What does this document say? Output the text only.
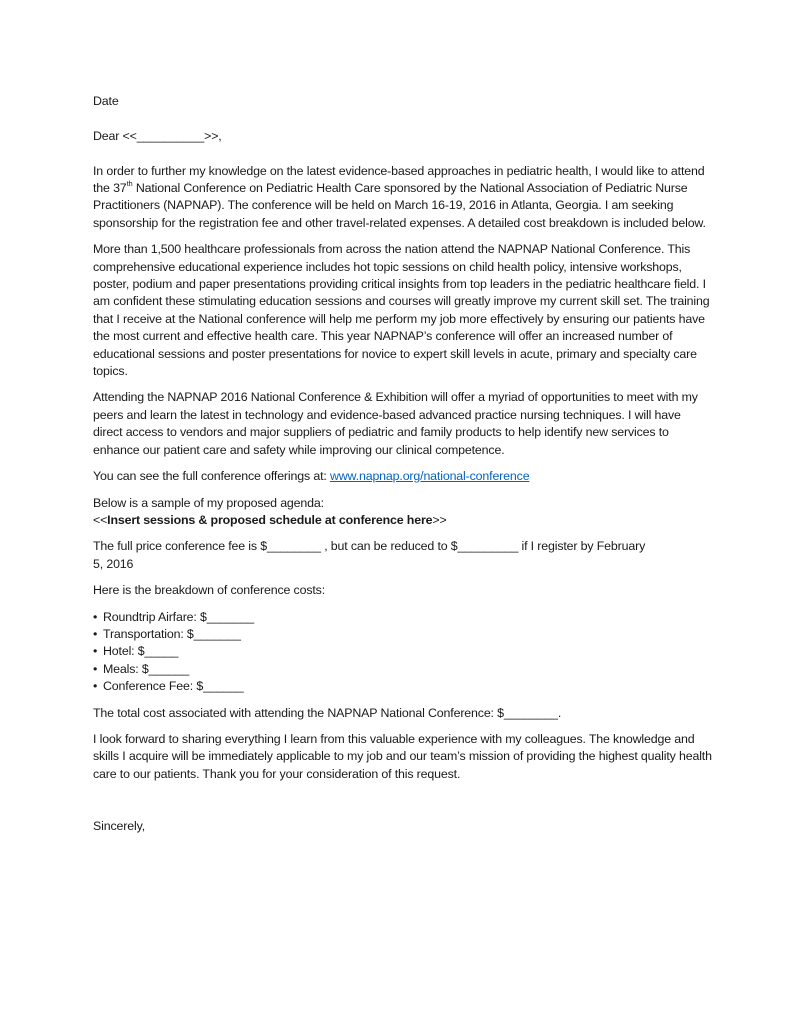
Date

Dear <<__________>>,

In order to further my knowledge on the latest evidence-based approaches in pediatric health, I would like to attend the 37th National Conference on Pediatric Health Care sponsored by the National Association of Pediatric Nurse Practitioners (NAPNAP). The conference will be held on March 16-19, 2016 in Atlanta, Georgia. I am seeking sponsorship for the registration fee and other travel-related expenses. A detailed cost breakdown is included below.

More than 1,500 healthcare professionals from across the nation attend the NAPNAP National Conference. This comprehensive educational experience includes hot topic sessions on child health policy, intensive workshops, poster, podium and paper presentations providing critical insights from top leaders in the pediatric healthcare field. I am confident these stimulating education sessions and courses will greatly improve my current skill set. The training that I receive at the National conference will help me perform my job more effectively by ensuring our patients have the most current and effective health care. This year NAPNAP’s conference will offer an increased number of educational sessions and poster presentations for novice to expert skill levels in acute, primary and specialty care topics.

Attending the NAPNAP 2016 National Conference & Exhibition will offer a myriad of opportunities to meet with my peers and learn the latest in technology and evidence-based advanced practice nursing techniques. I will have direct access to vendors and major suppliers of pediatric and family products to help identify new services to enhance our patient care and safety while improving our clinical competence.

You can see the full conference offerings at: www.napnap.org/national-conference

Below is a sample of my proposed agenda:

<<Insert sessions & proposed schedule at conference here>>

The full price conference fee is $________ , but can be reduced to $_________ if I register by February 5, 2016

Here is the breakdown of conference costs:

• Roundtrip Airfare: $_______
• Transportation: $_______
• Hotel: $_____
• Meals: $______
• Conference Fee: $______

The total cost associated with attending the NAPNAP National Conference: $________.

I look forward to sharing everything I learn from this valuable experience with my colleagues. The knowledge and skills I acquire will be immediately applicable to my job and our team’s mission of providing the highest quality health care to our patients. Thank you for your consideration of this request.

Sincerely,
